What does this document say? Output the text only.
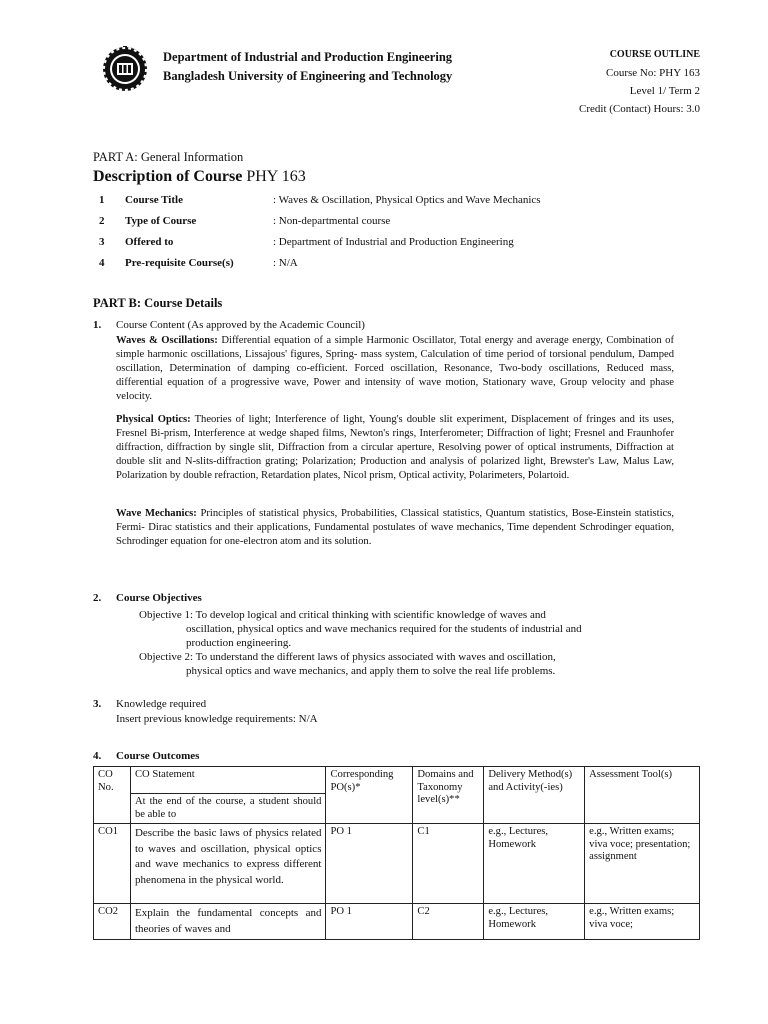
Department of Industrial and Production Engineering
Bangladesh University of Engineering and Technology
COURSE OUTLINE
Course No: PHY 163
Level 1/ Term 2
Credit (Contact) Hours: 3.0
PART A: General Information
Description of Course PHY 163
1 Course Title	: Waves & Oscillation, Physical Optics and Wave Mechanics
2 Type of Course	: Non-departmental course
3 Offered to	: Department of Industrial and Production Engineering
4 Pre-requisite Course(s)	: N/A
PART B: Course Details
1. Course Content (As approved by the Academic Council)
Waves & Oscillations: Differential equation of a simple Harmonic Oscillator, Total energy and average energy, Combination of simple harmonic oscillations, Lissajous' figures, Spring- mass system, Calculation of time period of torsional pendulum, Damped oscillation, Determination of damping co-efficient. Forced oscillation, Resonance, Two-body oscillations, Reduced mass, differential equation of a progressive wave, Power and intensity of wave motion, Stationary wave, Group velocity and phase velocity.
Physical Optics: Theories of light; Interference of light, Young's double slit experiment, Displacement of fringes and its uses, Fresnel Bi-prism, Interference at wedge shaped films, Newton's rings, Interferometer; Diffraction of light; Fresnel and Fraunhofer diffraction, diffraction by single slit, Diffraction from a circular aperture, Resolving power of optical instruments, Diffraction at double slit and N-slits-diffraction grating; Polarization; Production and analysis of polarized light, Brewster's Law, Malus Law, Polarization by double refraction, Retardation plates, Nicol prism, Optical activity, Polarimeters, Polartoid.
Wave Mechanics: Principles of statistical physics, Probabilities, Classical statistics, Quantum statistics, Bose-Einstein statistics, Fermi- Dirac statistics and their applications, Fundamental postulates of wave mechanics, Time dependent Schrodinger equation, Schrodinger equation for one-electron atom and its solution.
2. Course Objectives
Objective 1: To develop logical and critical thinking with scientific knowledge of waves and
oscillation, physical optics and wave mechanics required for the students of industrial and
production engineering.
Objective 2: To understand the different laws of physics associated with waves and oscillation,
physical optics and wave mechanics, and apply them to solve the real life problems.
3. Knowledge required
Insert previous knowledge requirements: N/A
4. Course Outcomes
CO No.	CO Statement	Corresponding PO(s)*	Domains and Taxonomy level(s)**	Delivery Method(s) and Activity(-ies)	Assessment Tool(s)
	At the end of the course, a student should be able to				
CO1	Describe the basic laws of physics related to waves and oscillation, physical optics and wave mechanics to express different phenomena in the physical world.	PO 1	C1	e.g., Lectures, Homework	e.g., Written exams; viva voce; presentation; assignment
CO2	Explain the fundamental concepts and theories of waves and	PO 1	C2	e.g., Lectures, Homework	e.g., Written exams; viva voce;
